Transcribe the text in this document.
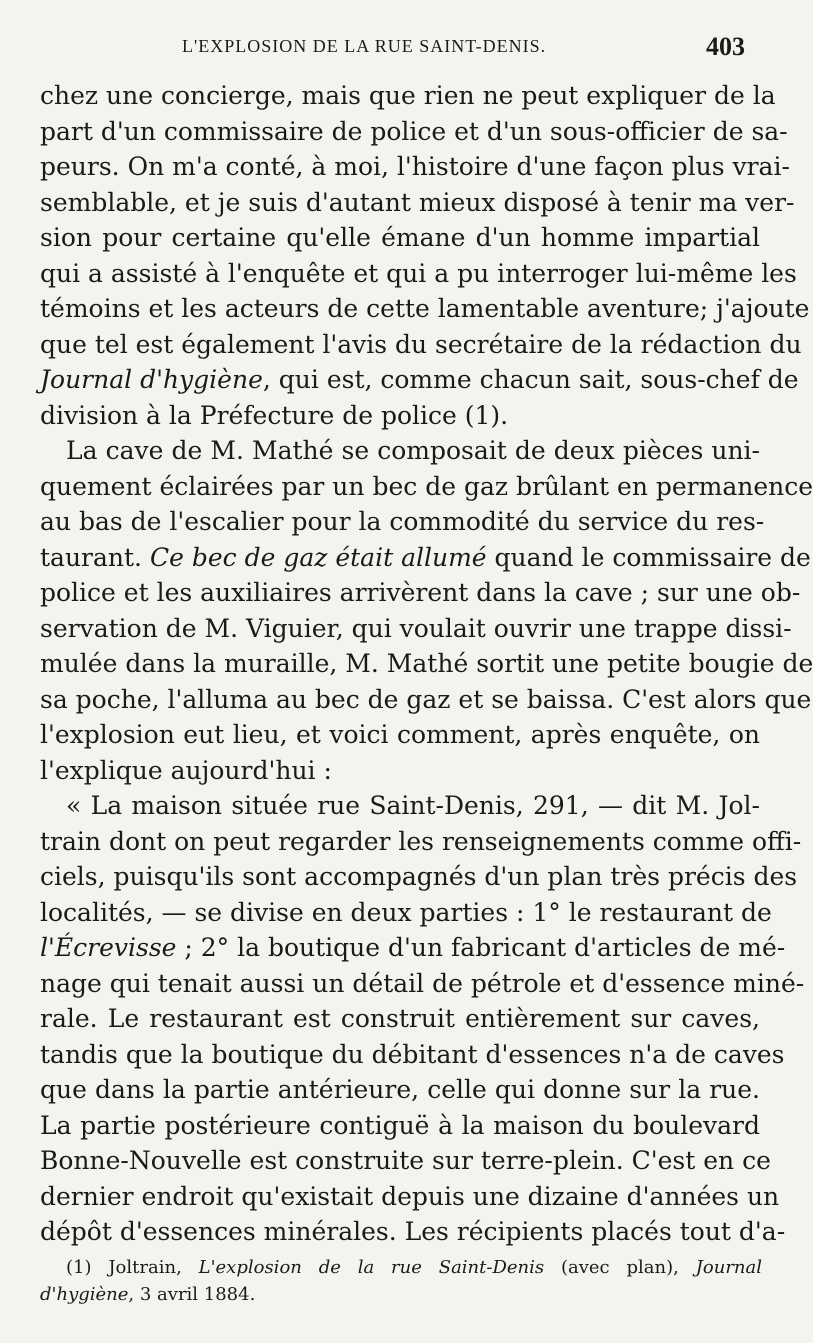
L'EXPLOSION DE LA RUE SAINT-DENIS.	403
chez une concierge, mais que rien ne peut expliquer de la
part d'un commissaire de police et d'un sous-officier de sa-
peurs. On m'a conté, à moi, l'histoire d'une façon plus vrai-
semblable, et je suis d'autant mieux disposé à tenir ma ver-
sion pour certaine qu'elle émane d'un homme impartial
qui a assisté à l'enquête et qui a pu interroger lui-même les
témoins et les acteurs de cette lamentable aventure; j'ajoute
que tel est également l'avis du secrétaire de la rédaction du
Journal d'hygiène, qui est, comme chacun sait, sous-chef de
division à la Préfecture de police (1).
La cave de M. Mathé se composait de deux pièces uni-
quement éclairées par un bec de gaz brûlant en permanence
au bas de l'escalier pour la commodité du service du res-
taurant. Ce bec de gaz était allumé quand le commissaire de
police et les auxiliaires arrivèrent dans la cave ; sur une ob-
servation de M. Viguier, qui voulait ouvrir une trappe dissi-
mulée dans la muraille, M. Mathé sortit une petite bougie de
sa poche, l'alluma au bec de gaz et se baissa. C'est alors que
l'explosion eut lieu, et voici comment, après enquête, on
l'explique aujourd'hui :
« La maison située rue Saint-Denis, 291, — dit M. Jol-
train dont on peut regarder les renseignements comme offi-
ciels, puisqu'ils sont accompagnés d'un plan très précis des
localités, — se divise en deux parties : 1° le restaurant de
l'Écrevisse ; 2° la boutique d'un fabricant d'articles de mé-
nage qui tenait aussi un détail de pétrole et d'essence miné-
rale. Le restaurant est construit entièrement sur caves,
tandis que la boutique du débitant d'essences n'a de caves
que dans la partie antérieure, celle qui donne sur la rue.
La partie postérieure contiguë à la maison du boulevard
Bonne-Nouvelle est construite sur terre-plein. C'est en ce
dernier endroit qu'existait depuis une dizaine d'années un
dépôt d'essences minérales. Les récipients placés tout d'a-
(1) Joltrain, L'explosion de la rue Saint-Denis (avec plan), Journal
d'hygiène, 3 avril 1884.
